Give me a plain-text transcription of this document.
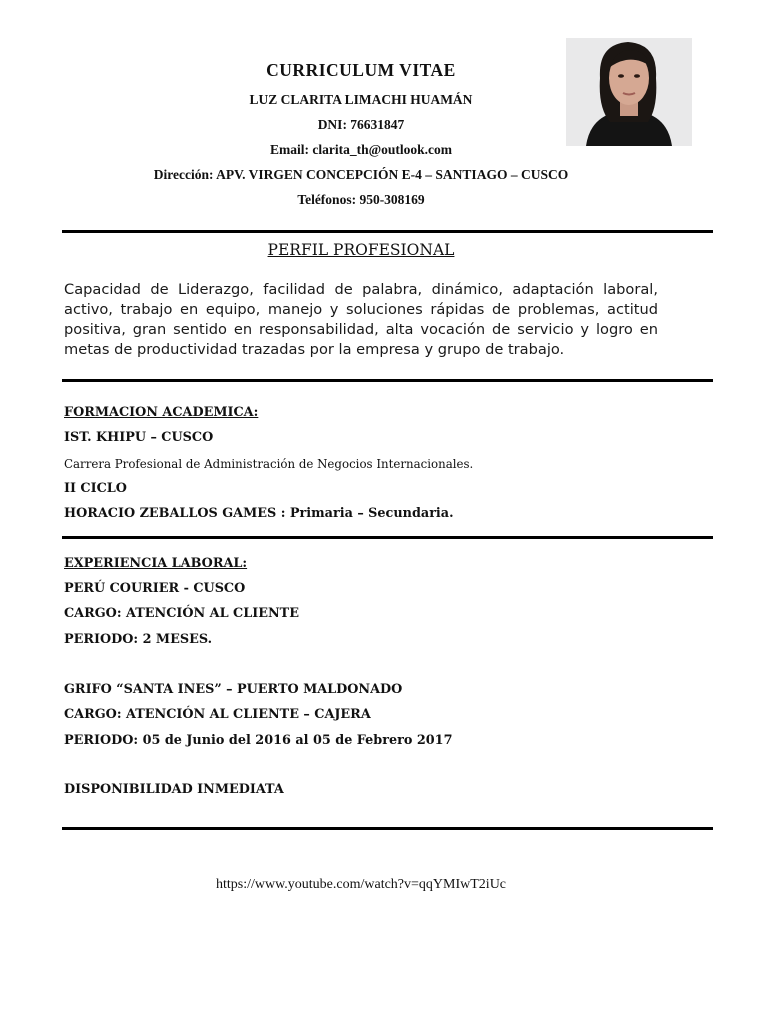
CURRICULUM VITAE
LUZ CLARITA LIMACHI HUAMÁN
DNI: 76631847
Email: clarita_th@outlook.com
Dirección: APV. VIRGEN CONCEPCIÓN E-4 – SANTIAGO – CUSCO
Teléfonos: 950-308169
PERFIL PROFESIONAL
Capacidad de Liderazgo, facilidad de palabra, dinámico, adaptación laboral, activo, trabajo en equipo, manejo y soluciones rápidas de problemas, actitud positiva, gran sentido en responsabilidad, alta vocación de servicio y logro en metas de productividad trazadas por la empresa y grupo de trabajo.
FORMACION ACADEMICA:
IST. KHIPU – CUSCO
Carrera Profesional de Administración de Negocios Internacionales.
II CICLO
HORACIO ZEBALLOS GAMES : Primaria – Secundaria.
EXPERIENCIA LABORAL:
PERÚ COURIER - CUSCO
CARGO: ATENCIÓN AL CLIENTE
PERIODO: 2 MESES.
GRIFO “SANTA INES” – PUERTO MALDONADO
CARGO: ATENCIÓN AL CLIENTE – CAJERA
PERIODO: 05 de Junio del 2016 al 05 de Febrero 2017
DISPONIBILIDAD INMEDIATA
https://www.youtube.com/watch?v=qqYMIwT2iUc
